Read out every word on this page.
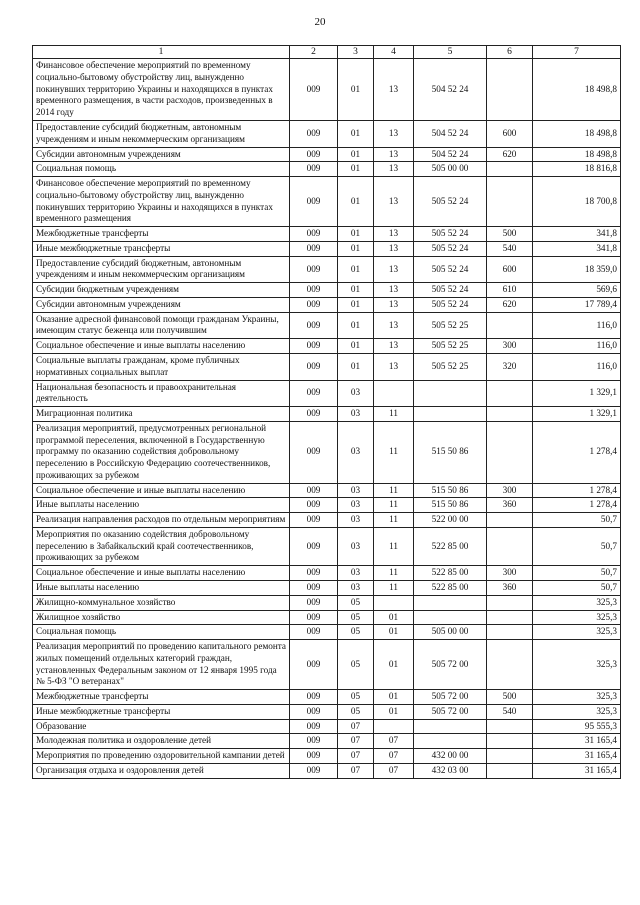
20
1	2	3	4	5	6	7
Финансовое обеспечение мероприятий по временному социально-бытовому обустройству лиц, вынужденно покинувших территорию Украины и находящихся в пунктах временного размещения, в части расходов, произведенных в 2014 году	009	01	13	504 52 24		18 498,8
Предоставление субсидий бюджетным, автономным учреждениям и иным некоммерческим организациям	009	01	13	504 52 24	600	18 498,8
Субсидии автономным учреждениям	009	01	13	504 52 24	620	18 498,8
Социальная помощь	009	01	13	505 00 00		18 816,8
Финансовое обеспечение мероприятий по временному социально-бытовому обустройству лиц, вынужденно покинувших территорию Украины и находящихся в пунктах временного размещения	009	01	13	505 52 24		18 700,8
Межбюджетные трансферты	009	01	13	505 52 24	500	341,8
Иные межбюджетные трансферты	009	01	13	505 52 24	540	341,8
Предоставление субсидий бюджетным, автономным учреждениям и иным некоммерческим организациям	009	01	13	505 52 24	600	18 359,0
Субсидии бюджетным учреждениям	009	01	13	505 52 24	610	569,6
Субсидии автономным учреждениям	009	01	13	505 52 24	620	17 789,4
Оказание адресной финансовой помощи гражданам Украины, имеющим статус беженца или получившим	009	01	13	505 52 25		116,0
Социальное обеспечение и иные выплаты населению	009	01	13	505 52 25	300	116,0
Социальные выплаты гражданам, кроме публичных нормативных социальных выплат	009	01	13	505 52 25	320	116,0
Национальная безопасность и правоохранительная деятельность	009	03				1 329,1
Миграционная политика	009	03	11			1 329,1
Реализация мероприятий, предусмотренных региональной программой переселения, включенной в Государственную программу по оказанию содействия добровольному переселению в Российскую Федерацию соотечественников, проживающих за рубежом	009	03	11	515 50 86		1 278,4
Социальное обеспечение и иные выплаты населению	009	03	11	515 50 86	300	1 278,4
Иные выплаты населению	009	03	11	515 50 86	360	1 278,4
Реализация направления расходов по отдельным мероприятиям	009	03	11	522 00 00		50,7
Мероприятия по оказанию содействия добровольному переселению в Забайкальский край соотечественников, проживающих за рубежом	009	03	11	522 85 00		50,7
Социальное обеспечение и иные выплаты населению	009	03	11	522 85 00	300	50,7
Иные выплаты населению	009	03	11	522 85 00	360	50,7
Жилищно-коммунальное хозяйство	009	05				325,3
Жилищное хозяйство	009	05	01			325,3
Социальная помощь	009	05	01	505 00 00		325,3
Реализация мероприятий по проведению капитального ремонта жилых помещений отдельных категорий граждан, установленных Федеральным законом от 12 января 1995 года № 5-ФЗ "О ветеранах"	009	05	01	505 72 00		325,3
Межбюджетные трансферты	009	05	01	505 72 00	500	325,3
Иные межбюджетные трансферты	009	05	01	505 72 00	540	325,3
Образование	009	07				95 555,3
Молодежная политика и оздоровление детей	009	07	07			31 165,4
Мероприятия по проведению оздоровительной кампании детей	009	07	07	432 00 00		31 165,4
Организация отдыха и оздоровления детей	009	07	07	432 03 00		31 165,4
